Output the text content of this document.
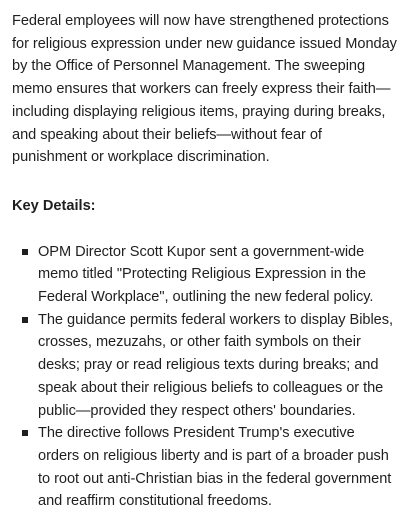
Federal employees will now have strengthened protections for religious expression under new guidance issued Monday by the Office of Personnel Management. The sweeping memo ensures that workers can freely express their faith—including displaying religious items, praying during breaks, and speaking about their beliefs—without fear of punishment or workplace discrimination.

Key Details:

OPM Director Scott Kupor sent a government-wide memo titled "Protecting Religious Expression in the Federal Workplace", outlining the new federal policy.
The guidance permits federal workers to display Bibles, crosses, mezuzahs, or other faith symbols on their desks; pray or read religious texts during breaks; and speak about their religious beliefs to colleagues or the public—provided they respect others' boundaries.
The directive follows President Trump's executive orders on religious liberty and is part of a broader push to root out anti-Christian bias in the federal government and reaffirm constitutional freedoms.
